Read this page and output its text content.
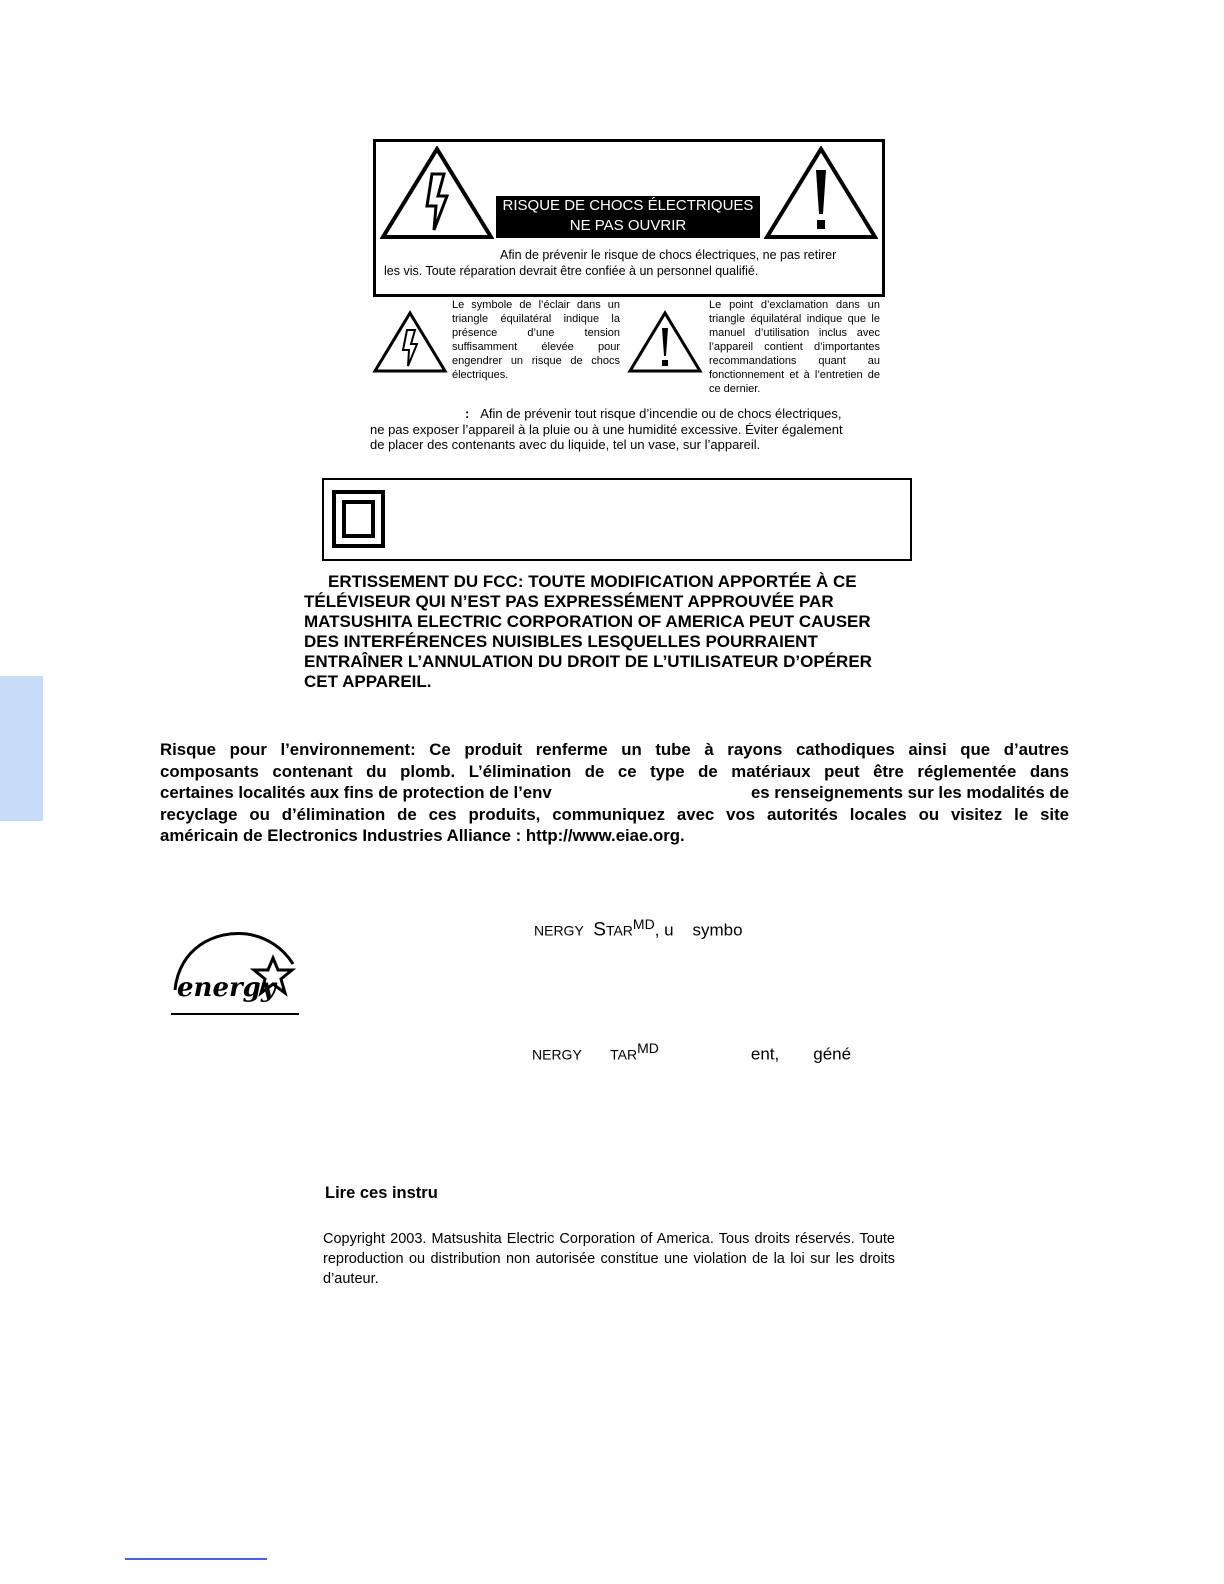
RISQUE DE CHOCS ÉLECTRIQUES
NE PAS OUVRIR
Afin de prévenir le risque de chocs électriques, ne pas retirer
les vis. Toute réparation devrait être confiée à un personnel qualifié.
Le symbole de l’éclair dans un triangle équilatéral indique la présence d’une tension suffisamment élevée pour engendrer un risque de chocs électriques.
Le point d’exclamation dans un triangle équilatéral indique que le manuel d’utilisation inclus avec l’appareil contient d’importantes recommandations quant au fonctionnement et à l’entretien de ce dernier.
: Afin de prévenir tout risque d’incendie ou de chocs électriques,
ne pas exposer l’appareil à la pluie ou à une humidité excessive. Éviter également
de placer des contenants avec du liquide, tel un vase, sur l’appareil.
ERTISSEMENT DU FCC: TOUTE MODIFICATION APPORTÉE À CE TÉLÉVISEUR QUI N’EST PAS EXPRESSÉMENT APPROUVÉE PAR MATSUSHITA ELECTRIC CORPORATION OF AMERICA PEUT CAUSER DES INTERFÉRENCES NUISIBLES LESQUELLES POURRAIENT ENTRAÎNER L’ANNULATION DU DROIT DE L’UTILISATEUR D’OPÉRER CET APPAREIL.
Risque pour l’environnement: Ce produit renferme un tube à rayons cathodiques ainsi que d’autres
composants contenant du plomb. L’élimination de ce type de matériaux peut être réglementée dans
certaines localités aux fins de protection de l’env	es renseignements sur les modalités de
recyclage ou d’élimination de ces produits, communiquez avec vos autorités locales ou visitez le site
américain de Electronics Industries Alliance : http://www.eiae.org.
energy
NERGY $STAR^{MD}$, u symbo
NERGY $TAR^{MD}$	ent, géné
Lire ces instru
Copyright 2003. Matsushita Electric Corporation of America. Tous droits réservés. Toute reproduction ou distribution non autorisée constitue une violation de la loi sur les droits d’auteur.
